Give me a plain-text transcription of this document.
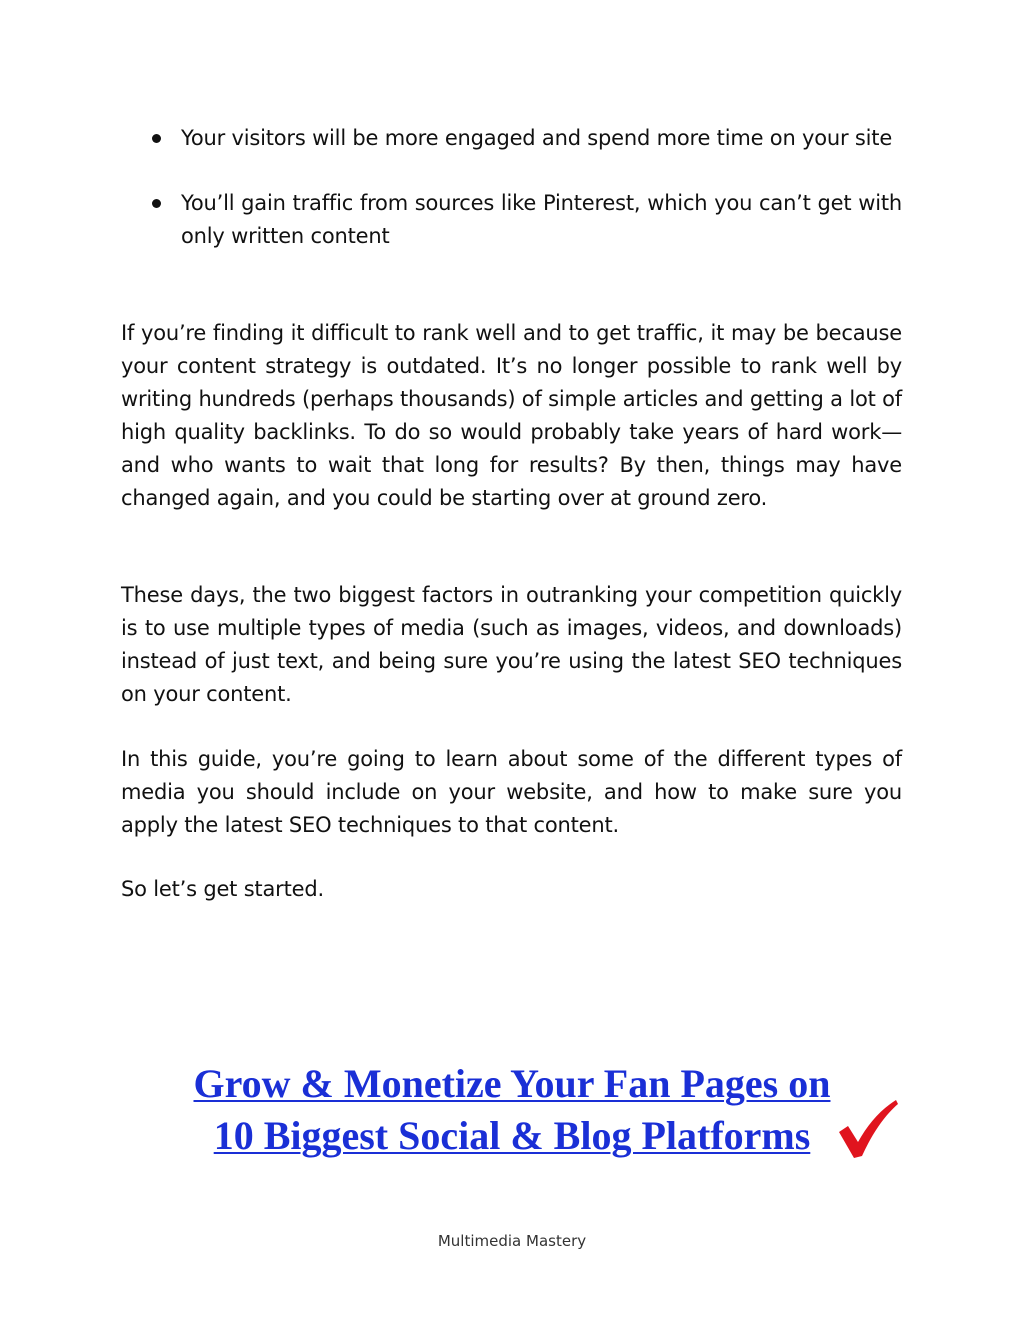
Your visitors will be more engaged and spend more time on your site
You’ll gain traffic from sources like Pinterest, which you can’t get with only written content

If you’re finding it difficult to rank well and to get traffic, it may be because your content strategy is outdated. It’s no longer possible to rank well by writing hundreds (perhaps thousands) of simple articles and getting a lot of high quality backlinks. To do so would probably take years of hard work—and who wants to wait that long for results? By then, things may have changed again, and you could be starting over at ground zero.

These days, the two biggest factors in outranking your competition quickly is to use multiple types of media (such as images, videos, and downloads) instead of just text, and being sure you’re using the latest SEO techniques on your content.

In this guide, you’re going to learn about some of the different types of media you should include on your website, and how to make sure you apply the latest SEO techniques to that content.

So let’s get started.

Grow & Monetize Your Fan Pages on
10 Biggest Social & Blog Platforms
Multimedia Mastery
